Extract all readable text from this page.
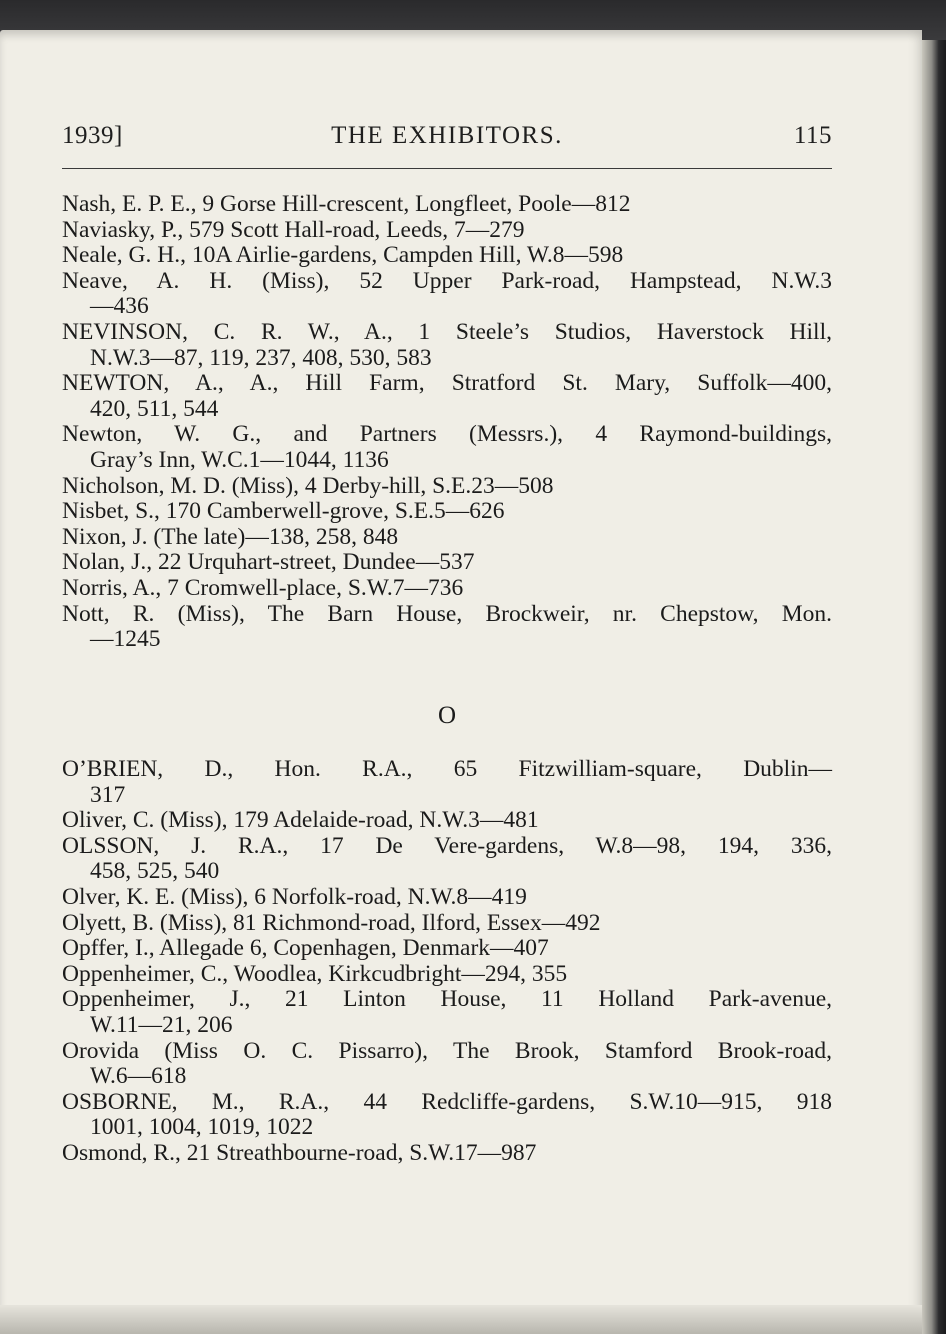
1939]	THE EXHIBITORS.	115
Nash, E. P. E., 9 Gorse Hill-crescent, Longfleet, Poole—812
Naviasky, P., 579 Scott Hall-road, Leeds, 7—279
Neale, G. H., 10A Airlie-gardens, Campden Hill, W.8—598
Neave, A. H. (Miss), 52 Upper Park-road, Hampstead, N.W.3
—436
NEVINSON, C. R. W., A., 1 Steele’s Studios, Haverstock Hill,
N.W.3—87, 119, 237, 408, 530, 583
NEWTON, A., A., Hill Farm, Stratford St. Mary, Suffolk—400,
420, 511, 544
Newton, W. G., and Partners (Messrs.), 4 Raymond-buildings,
Gray’s Inn, W.C.1—1044, 1136
Nicholson, M. D. (Miss), 4 Derby-hill, S.E.23—508
Nisbet, S., 170 Camberwell-grove, S.E.5—626
Nixon, J. (The late)—138, 258, 848
Nolan, J., 22 Urquhart-street, Dundee—537
Norris, A., 7 Cromwell-place, S.W.7—736
Nott, R. (Miss), The Barn House, Brockweir, nr. Chepstow, Mon.
—1245
O
O’BRIEN, D., Hon. R.A., 65 Fitzwilliam-square, Dublin—
317
Oliver, C. (Miss), 179 Adelaide-road, N.W.3—481
OLSSON, J. R.A., 17 De Vere-gardens, W.8—98, 194, 336,
458, 525, 540
Olver, K. E. (Miss), 6 Norfolk-road, N.W.8—419
Olyett, B. (Miss), 81 Richmond-road, Ilford, Essex—492
Opffer, I., Allegade 6, Copenhagen, Denmark—407
Oppenheimer, C., Woodlea, Kirkcudbright—294, 355
Oppenheimer, J., 21 Linton House, 11 Holland Park-avenue,
W.11—21, 206
Orovida (Miss O. C. Pissarro), The Brook, Stamford Brook-road,
W.6—618
OSBORNE, M., R.A., 44 Redcliffe-gardens, S.W.10—915, 918
1001, 1004, 1019, 1022
Osmond, R., 21 Streathbourne-road, S.W.17—987
